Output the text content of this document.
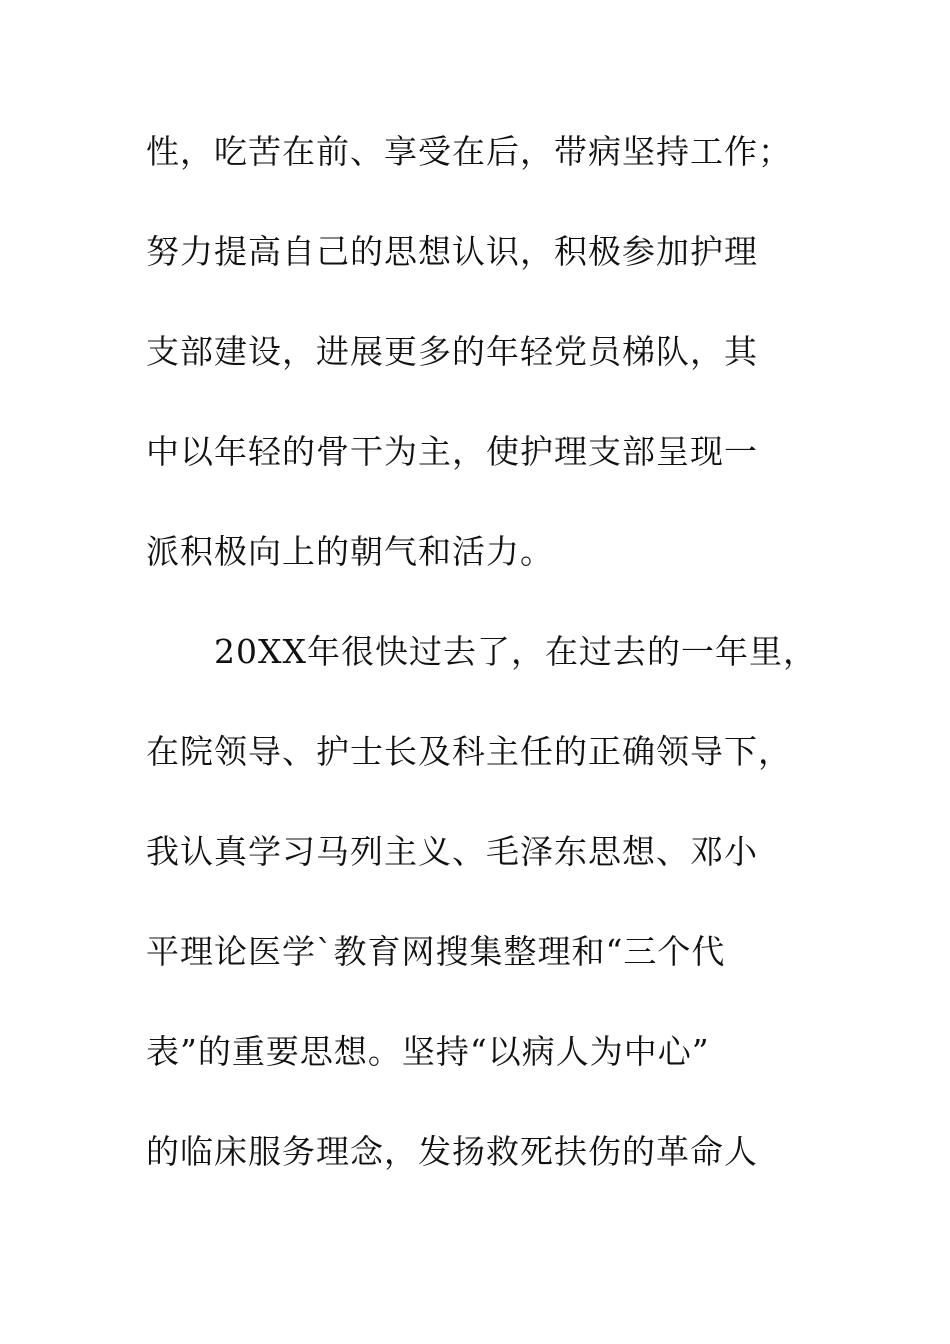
性，吃苦在前、享受在后，带病坚持工作；
努力提高自己的思想认识，积极参加护理
支部建设，进展更多的年轻党员梯队，其
中以年轻的骨干为主，使护理支部呈现一
派积极向上的朝气和活力。
　　20XX年很快过去了，在过去的一年里，
在院领导、护士长及科主任的正确领导下，
我认真学习马列主义、毛泽东思想、邓小
平理论医学`教育网搜集整理和“三个代
表”的重要思想。坚持“以病人为中心”
的临床服务理念，发扬救死扶伤的革命人
